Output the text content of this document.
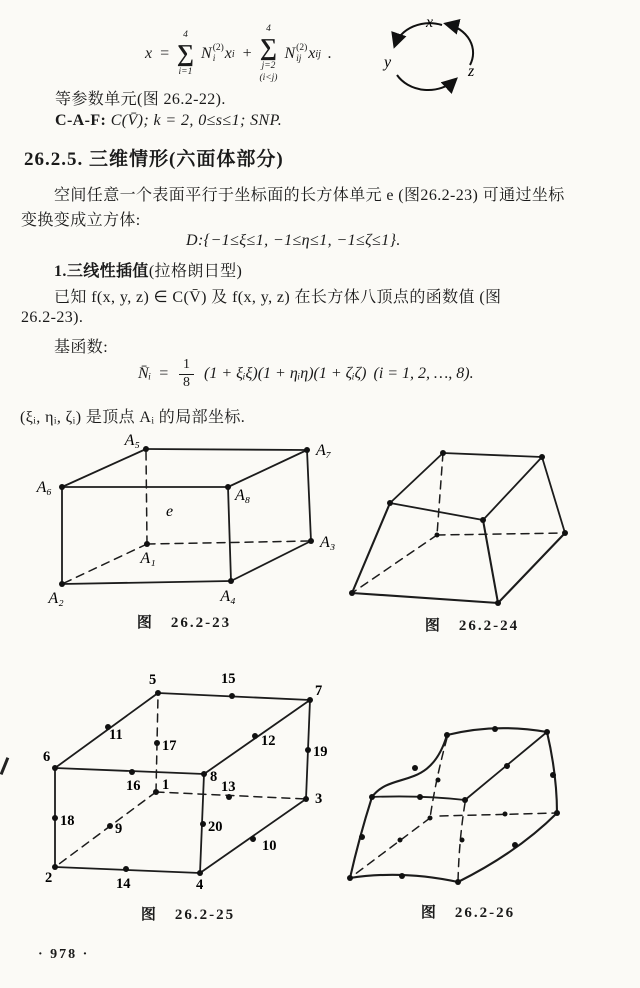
x =
4
∑
i=1
N (2)
i x i +
4
∑
j=2
(i<j)
N (2)
ij x ij .
x
y
z
等参数单元(图 26.2-22).
C-A-F: C(V̄); k = 2, 0≤s≤1; SNP.
26.2.5. 三维情形(六面体部分)
空间任意一个表面平行于坐标面的长方体单元 e (图26.2-23) 可通过坐标
变换变成立方体:
D:{−1≤ξ≤1, −1≤η≤1, −1≤ζ≤1}.
1.三线性插值(拉格朗日型)
已知 f(x, y, z) ∈ C(V̄) 及 f(x, y, z) 在长方体八顶点的函数值 (图
26.2-23).
基函数:
N̄ᵢ = $\frac{1}{8} (1$ + ξᵢξ)(1 + ηᵢη)(1 + ζᵢζ) (i = 1, 2, …, 8).
(ξᵢ, ηᵢ, ζᵢ) 是顶点 Aᵢ 的局部坐标.
A₅
A₇
A₆	A₈
A₁
A₂
A₃
A₄
e
图　26.2-23	图　26.2-24
1
2
3
4
5
6
7
8
9
10
11	12
13
14
15
16
17
18
19
20
图　26.2-25	图　26.2-26
· 978 ·
